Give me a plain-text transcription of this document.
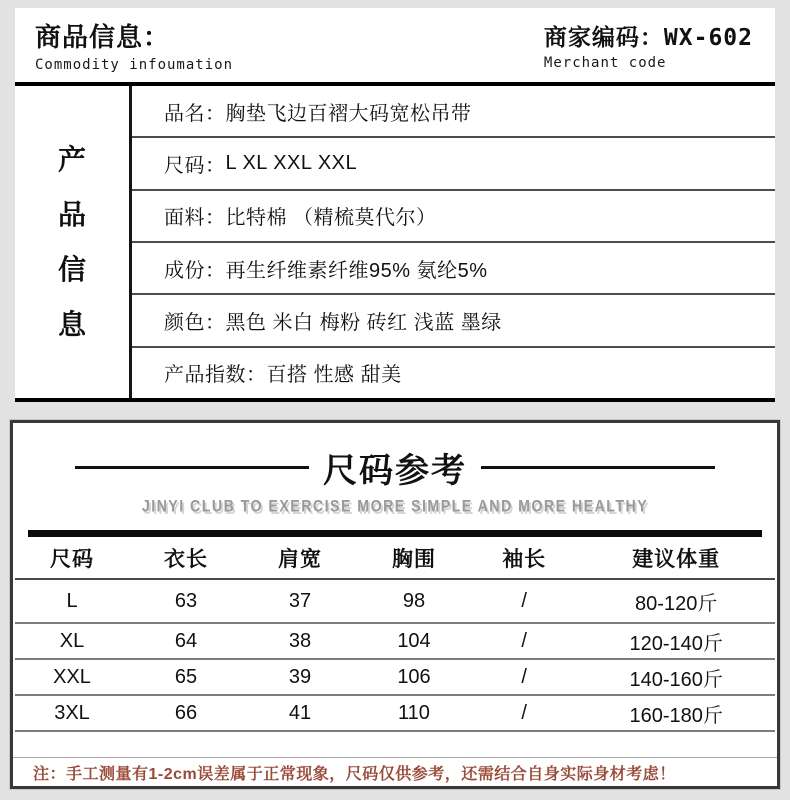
商品信息：
Commodity infoumation
商家编码：WX-602
Merchant code
产
品
信
息
品名： 胸垫飞边百褶大码宽松吊带
尺码： L XL XXL XXL
面料： 比特棉 （精梳莫代尔）
成份： 再生纤维素纤维95% 氨纶5%
颜色： 黑色 米白 梅粉 砖红 浅蓝 墨绿
产品指数： 百搭 性感 甜美
尺码参考
JINYI CLUB TO EXERCISE MORE SIMPLE AND MORE HEALTHY
尺码	衣长	肩宽	胸围	袖长	建议体重
L	63	37	98	/	80-120斤
XL	64	38	104	/	120-140斤
XXL	65	39	106	/	140-160斤
3XL	66	41	110	/	160-180斤
注：手工测量有1-2cm误差属于正常现象，尺码仅供参考，还需结合自身实际身材考虑！
